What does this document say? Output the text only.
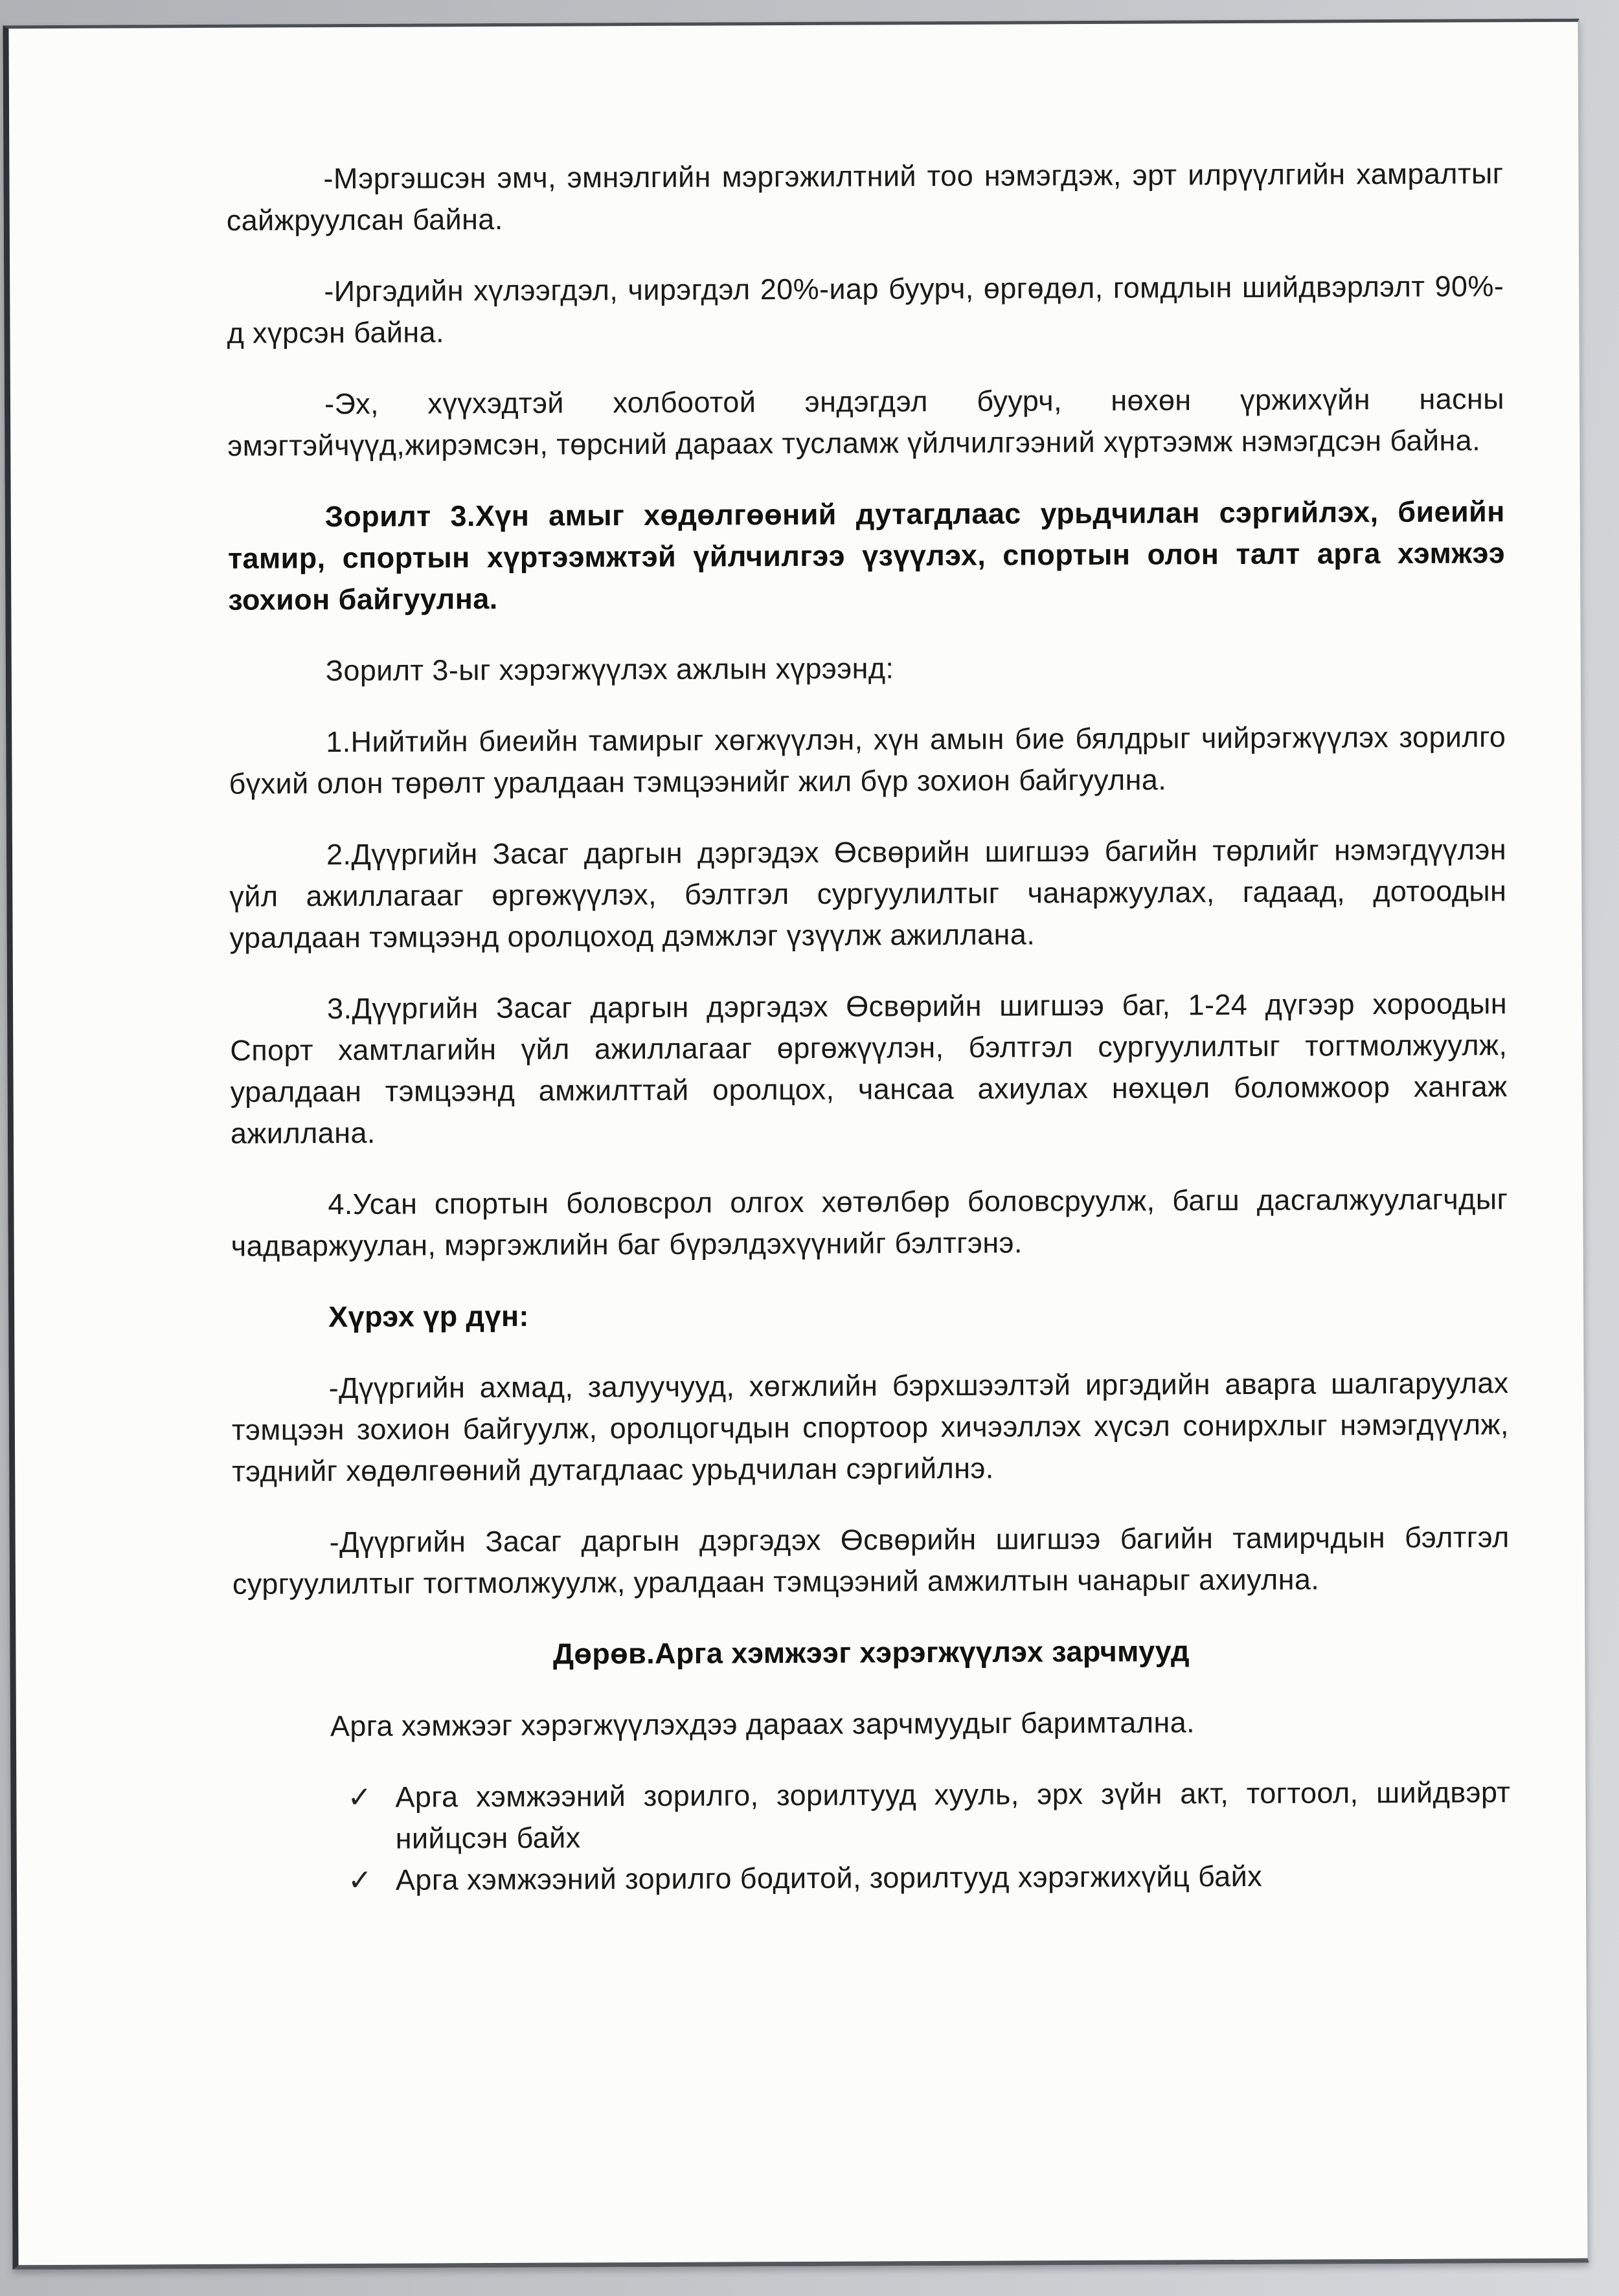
-Мэргэшсэн эмч, эмнэлгийн мэргэжилтний тоо нэмэгдэж, эрт илрүүлгийн хамралтыг сайжруулсан байна.

-Иргэдийн хүлээгдэл, чирэгдэл 20%-иар буурч, өргөдөл, гомдлын шийдвэрлэлт 90%-д хүрсэн байна.

-Эх, хүүхэдтэй холбоотой эндэгдэл буурч, нөхөн үржихүйн насны эмэгтэйчүүд,жирэмсэн, төрсний дараах тусламж үйлчилгээний хүртээмж нэмэгдсэн байна.

Зорилт 3.Хүн амыг хөдөлгөөний дутагдлаас урьдчилан сэргийлэх, биеийн тамир, спортын хүртээмжтэй үйлчилгээ үзүүлэх, спортын олон талт арга хэмжээ зохион байгуулна.

Зорилт 3-ыг хэрэгжүүлэх ажлын хүрээнд:

1.Нийтийн биеийн тамирыг хөгжүүлэн, хүн амын бие бялдрыг чийрэгжүүлэх зорилго бүхий олон төрөлт уралдаан тэмцээнийг жил бүр зохион байгуулна.

2.Дүүргийн Засаг даргын дэргэдэх Өсвөрийн шигшээ багийн төрлийг нэмэгдүүлэн үйл ажиллагааг өргөжүүлэх, бэлтгэл сургуулилтыг чанаржуулах, гадаад, дотоодын уралдаан тэмцээнд оролцоход дэмжлэг үзүүлж ажиллана.

3.Дүүргийн Засаг даргын дэргэдэх Өсвөрийн шигшээ баг, 1-24 дүгээр хороодын Спорт хамтлагийн үйл ажиллагааг өргөжүүлэн, бэлтгэл сургуулилтыг тогтмолжуулж, уралдаан тэмцээнд амжилттай оролцох, чансаа ахиулах нөхцөл боломжоор хангаж ажиллана.

4.Усан спортын боловсрол олгох хөтөлбөр боловсруулж, багш дасгалжуулагчдыг чадваржуулан, мэргэжлийн баг бүрэлдэхүүнийг бэлтгэнэ.

Хүрэх үр дүн:

-Дүүргийн ахмад, залуучууд, хөгжлийн бэрхшээлтэй иргэдийн аварга шалгаруулах тэмцээн зохион байгуулж, оролцогчдын спортоор хичээллэх хүсэл сонирхлыг нэмэгдүүлж, тэднийг хөдөлгөөний дутагдлаас урьдчилан сэргийлнэ.

-Дүүргийн Засаг даргын дэргэдэх Өсвөрийн шигшээ багийн тамирчдын бэлтгэл сургуулилтыг тогтмолжуулж, уралдаан тэмцээний амжилтын чанарыг ахиулна.

Дөрөв.Арга хэмжээг хэрэгжүүлэх зарчмууд

Арга хэмжээг хэрэгжүүлэхдээ дараах зарчмуудыг баримтална.

✓ Арга хэмжээний зорилго, зорилтууд хууль, эрх зүйн акт, тогтоол, шийдвэрт нийцсэн байх
✓ Арга хэмжээний зорилго бодитой, зорилтууд хэрэгжихүйц байх
